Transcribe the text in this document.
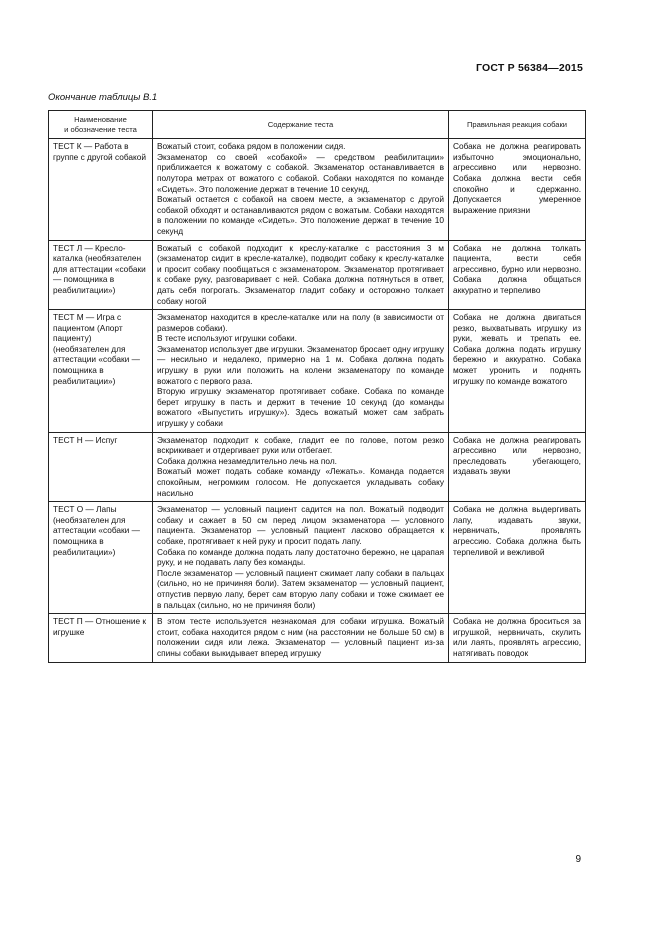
ГОСТ Р 56384—2015
Окончание таблицы В.1
Наименование
и обозначение теста	Содержание теста	Правильная реакция собаки

ТЕСТ К — Работа в группе с другой собакой	Вожатый стоит, собака рядом в положении сидя.
Экзаменатор со своей «собакой» — средством реабилитации» приближается к вожатому с собакой. Экзаменатор останавливается в полутора метрах от вожатого с собакой. Собаки находятся по команде «Сидеть». Это положение держат в течение 10 секунд.
Вожатый остается с собакой на своем месте, а экзаменатор с другой собакой обходят и останавливаются рядом с вожатым. Собаки находятся в положении по команде «Сидеть». Это положение держат в течение 10 секунд	Собака не должна реагировать избыточно эмоционально, агрессивно или нервозно. Собака должна вести себя спокойно и сдержанно. Допускается умеренное выражение приязни
ТЕСТ Л — Кресло-каталка (необязателен для аттестации «собаки — помощника в реабилитации»)	Вожатый с собакой подходит к креслу-каталке с расстояния 3 м (экзаменатор сидит в кресле-каталке), подводит собаку к креслу-каталке и просит собаку пообщаться с экзаменатором. Экзаменатор протягивает к собаке руку, разговаривает с ней. Собака должна потянуться в ответ, дать себя погрогать. Экзаменатор гладит собаку и осторожно толкает собаку ногой	Собака не должна толкать пациента, вести себя агрессивно, бурно или нервозно. Собака должна общаться аккуратно и терпеливо
ТЕСТ М — Игра с пациентом (Апорт пациенту) (необязателен для аттестации «собаки — помощника в реабилитации»)	Экзаменатор находится в кресле-каталке или на полу (в зависимости от размеров собаки).
В тесте используют игрушки собаки.
Экзаменатор использует две игрушки. Экзаменатор бросает одну игрушку — несильно и недалеко, примерно на 1 м. Собака должна подать игрушку в руки или положить на колени экзаменатору по команде вожатого с первого раза.
Вторую игрушку экзаменатор протягивает собаке. Собака по команде берет игрушку в пасть и держит в течение 10 секунд (до команды вожатого «Выпустить игрушку»). Здесь вожатый может сам забрать игрушку у собаки	Собака не должна двигаться резко, выхватывать игрушку из руки, жевать и трепать ее. Собака должна подать игрушку бережно и аккуратно. Собака может уронить и поднять игрушку по команде вожатого
ТЕСТ Н — Испуг	Экзаменатор подходит к собаке, гладит ее по голове, потом резко вскрикивает и отдергивает руки или отбегает.
Собака должна незамедлительно лечь на пол.
Вожатый может подать собаке команду «Лежать». Команда подается спокойным, негромким голосом. Не допускается укладывать собаку насильно	Собака не должна реагировать агрессивно или нервозно, преследовать убегающего, издавать звуки
ТЕСТ О — Лапы (необязателен для аттестации «собаки — помощника в реабилитации»)	Экзаменатор — условный пациент садится на пол. Вожатый подводит собаку и сажает в 50 см перед лицом экзаменатора — условного пациента. Экзаменатор — условный пациент ласково обращается к собаке, протягивает к ней руку и просит подать лапу.
Собака по команде должна подать лапу достаточно бережно, не царапая руку, и не подавать лапу без команды.
После экзаменатор — условный пациент сжимает лапу собаки в пальцах (сильно, но не причиняя боли). Затем экзаменатор — условный пациент, отпустив первую лапу, берет сам вторую лапу собаки и тоже сжимает ее в пальцах (сильно, но не причиняя боли)	Собака не должна выдергивать лапу, издавать звуки, нервничать, проявлять агрессию. Собака должна быть терпеливой и вежливой
ТЕСТ П — Отношение к игрушке	В этом тесте используется незнакомая для собаки игрушка. Вожатый стоит, собака находится рядом с ним (на расстоянии не больше 50 см) в положении сидя или лежа. Экзаменатор — условный пациент из-за спины собаки выкидывает вперед игрушку	Собака не должна броситься за игрушкой, нервничать, скулить или лаять, проявлять агрессию, натягивать поводок
9
